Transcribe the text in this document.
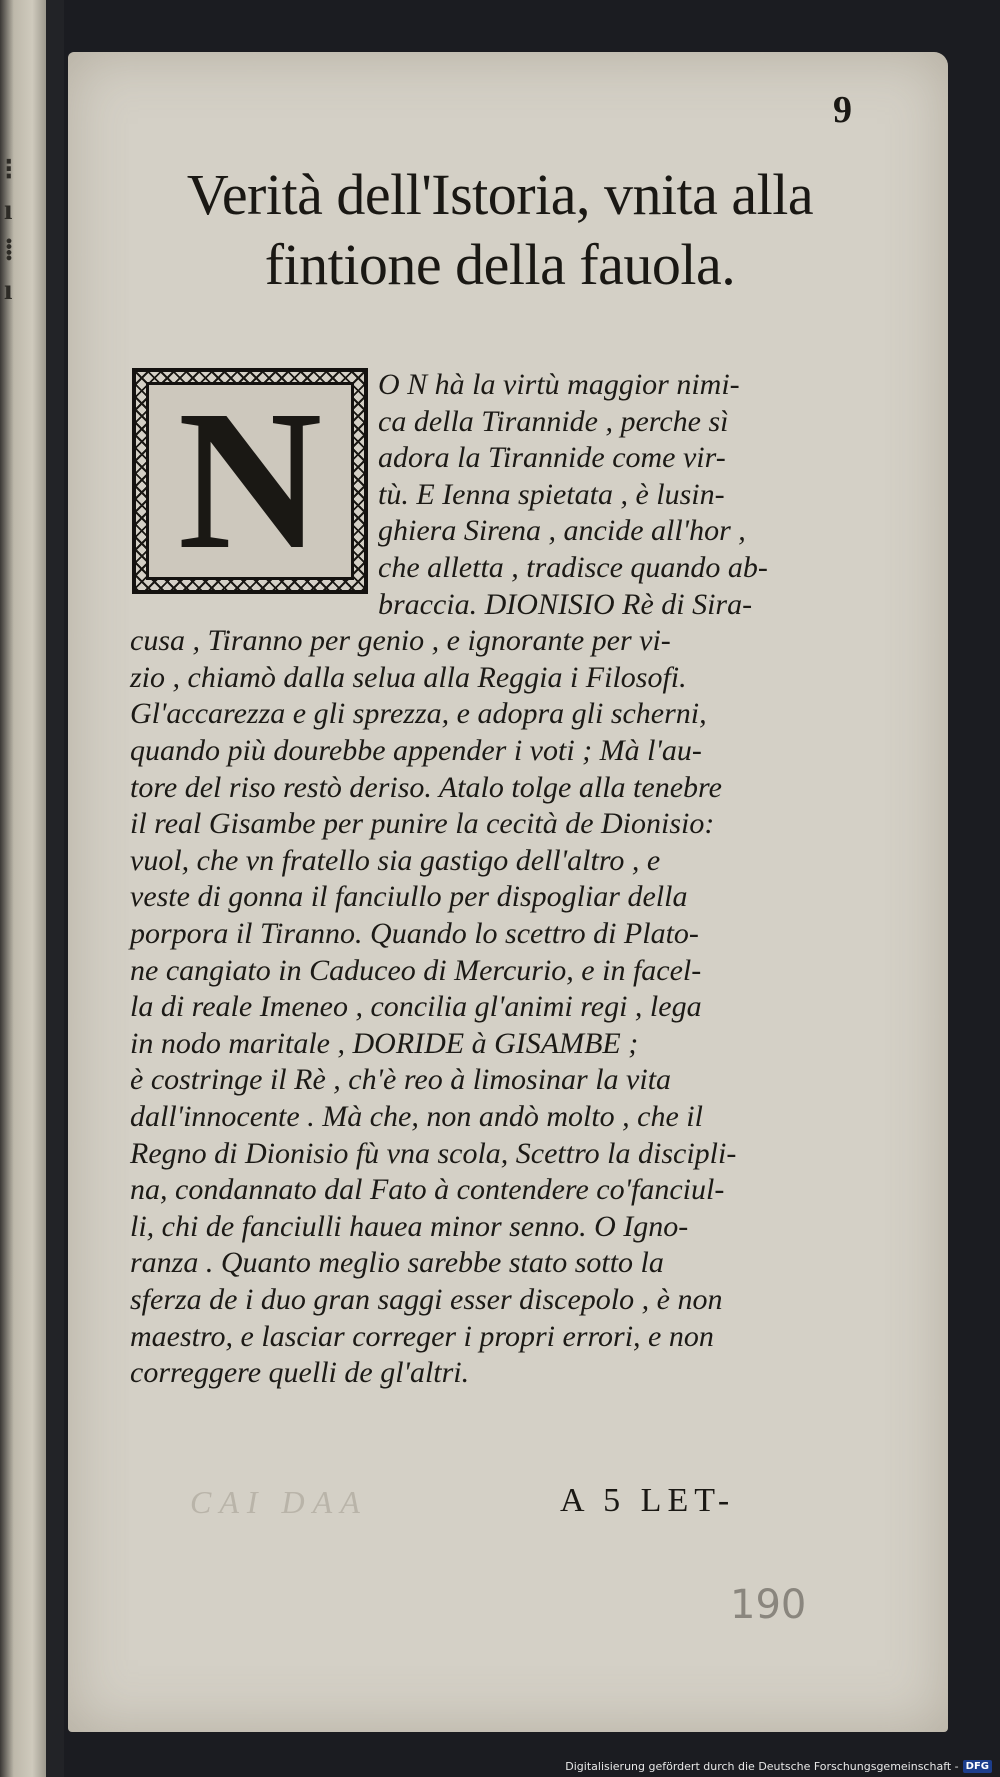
⁝
ı
⁞
ı
9
Verità dell'Istoria, vnita alla
fintione della fauola.
N	O N hà la virtù maggior nimi-
ca della Tirannide , perche sì
adora la Tirannide come vir-
tù. E Ienna spietata , è lusin-
ghiera Sirena , ancide all'hor ,
che alletta , tradisce quando ab-
braccia. DIONISIO Rè di Sira-
cusa , Tiranno per genio , e ignorante per vi-
zio , chiamò dalla selua alla Reggia i Filosofi.
Gl'accarezza e gli sprezza, e adopra gli scherni,
quando più dourebbe appender i voti ; Mà l'au-
tore del riso restò deriso. Atalo tolge alla tenebre
il real Gisambe per punire la cecità de Dionisio:
vuol, che vn fratello sia gastigo dell'altro , e
veste di gonna il fanciullo per dispogliar della
porpora il Tiranno. Quando lo scettro di Plato-
ne cangiato in Caduceo di Mercurio, e in facel-
la di reale Imeneo , concilia gl'animi regi , lega
in nodo maritale , DORIDE à GISAMBE ;
è costringe il Rè , ch'è reo à limosinar la vita
dall'innocente . Mà che, non andò molto , che il
Regno di Dionisio fù vna scola, Scettro la discipli-
na, condannato dal Fato à contendere co'fanciul-
li, chi de fanciulli hauea minor senno. O Igno-
ranza . Quanto meglio sarebbe stato sotto la
sferza de i duo gran saggi esser discepolo , è non
maestro, e lasciar correger i propri errori, e non
correggere quelli de gl'altri.
CAI DAA	A 5 LET-
190
Digitalisierung gefördert durch die Deutsche Forschungsgemeinschaft - DFG
